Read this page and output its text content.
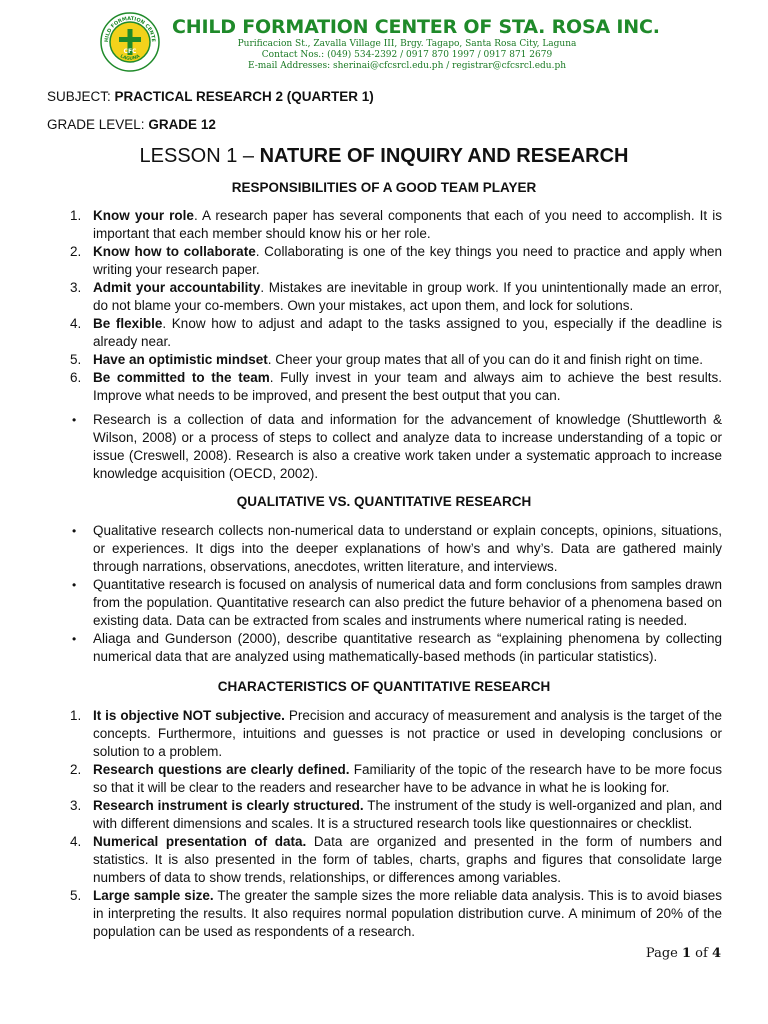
HILD FORMATION CENTE
LAGUNA
CFC
CHILD FORMATION CENTER OF STA. ROSA INC.
Purificacion St., Zavalla Village III, Brgy. Tagapo, Santa Rosa City, Laguna
Contact Nos.: (049) 534-2392 / 0917 870 1997 / 0917 871 2679
E-mail Addresses: sherinai@cfcsrcl.edu.ph / registrar@cfcsrcl.edu.ph
SUBJECT: PRACTICAL RESEARCH 2 (QUARTER 1)
GRADE LEVEL: GRADE 12
LESSON 1 – NATURE OF INQUIRY AND RESEARCH
RESPONSIBILITIES OF A GOOD TEAM PLAYER
1. Know your role. A research paper has several components that each of you need to accomplish. It is important that each member should know his or her role.
2. Know how to collaborate. Collaborating is one of the key things you need to practice and apply when writing your research paper.
3. Admit your accountability. Mistakes are inevitable in group work. If you unintentionally made an error, do not blame your co-members. Own your mistakes, act upon them, and lock for solutions.
4. Be flexible. Know how to adjust and adapt to the tasks assigned to you, especially if the deadline is already near.
5. Have an optimistic mindset. Cheer your group mates that all of you can do it and finish right on time.
6. Be committed to the team. Fully invest in your team and always aim to achieve the best results. Improve what needs to be improved, and present the best output that you can.
•	Research is a collection of data and information for the advancement of knowledge (Shuttleworth & Wilson, 2008) or a process of steps to collect and analyze data to increase understanding of a topic or issue (Creswell, 2008). Research is also a creative work taken under a systematic approach to increase knowledge acquisition (OECD, 2002).
QUALITATIVE VS. QUANTITATIVE RESEARCH
•	Qualitative research collects non-numerical data to understand or explain concepts, opinions, situations, or experiences. It digs into the deeper explanations of how’s and why’s. Data are gathered mainly through narrations, observations, anecdotes, written literature, and interviews.
•	Quantitative research is focused on analysis of numerical data and form conclusions from samples drawn from the population. Quantitative research can also predict the future behavior of a phenomena based on existing data. Data can be extracted from scales and instruments where numerical rating is needed.
•	Aliaga and Gunderson (2000), describe quantitative research as “explaining phenomena by collecting numerical data that are analyzed using mathematically-based methods (in particular statistics).
CHARACTERISTICS OF QUANTITATIVE RESEARCH
1. It is objective NOT subjective. Precision and accuracy of measurement and analysis is the target of the concepts. Furthermore, intuitions and guesses is not practice or used in developing conclusions or solution to a problem.
2. Research questions are clearly defined. Familiarity of the topic of the research have to be more focus so that it will be clear to the readers and researcher have to be advance in what he is looking for.
3. Research instrument is clearly structured. The instrument of the study is well-organized and plan, and with different dimensions and scales. It is a structured research tools like questionnaires or checklist.
4. Numerical presentation of data. Data are organized and presented in the form of numbers and statistics. It is also presented in the form of tables, charts, graphs and figures that consolidate large numbers of data to show trends, relationships, or differences among variables.
5. Large sample size. The greater the sample sizes the more reliable data analysis. This is to avoid biases in interpreting the results. It also requires normal population distribution curve. A minimum of 20% of the population can be used as respondents of a research.
Page 1 of 4
